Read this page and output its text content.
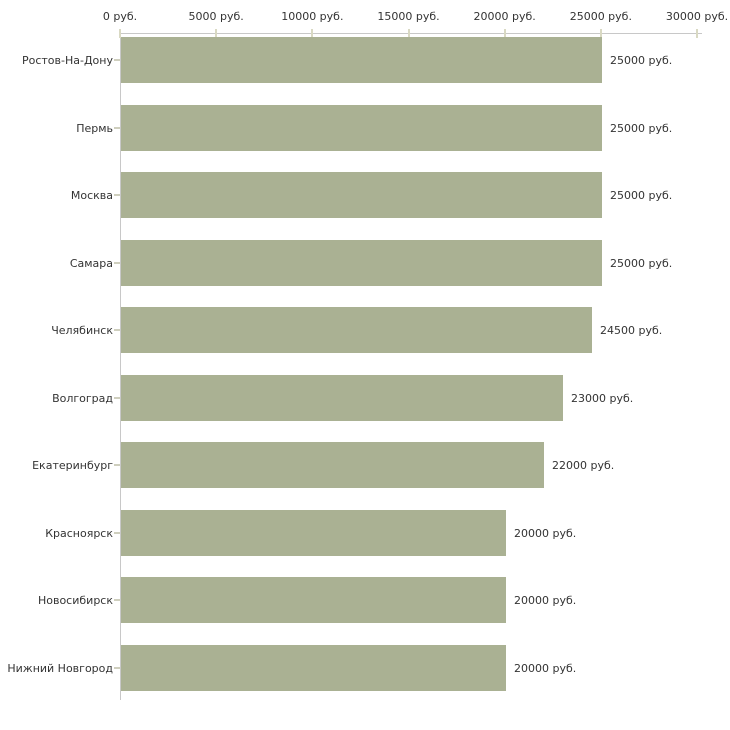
0 руб.	5000 руб.	10000 руб.	15000 руб.	20000 руб.	25000 руб.	30000 руб.
Ростов-На-Дону	25000 руб.
Пермь	25000 руб.
Москва	25000 руб.
Самара	25000 руб.
Челябинск	24500 руб.
Волгоград	23000 руб.
Екатеринбург	22000 руб.
Красноярск	20000 руб.
Новосибирск	20000 руб.
Нижний Новгород	20000 руб.
